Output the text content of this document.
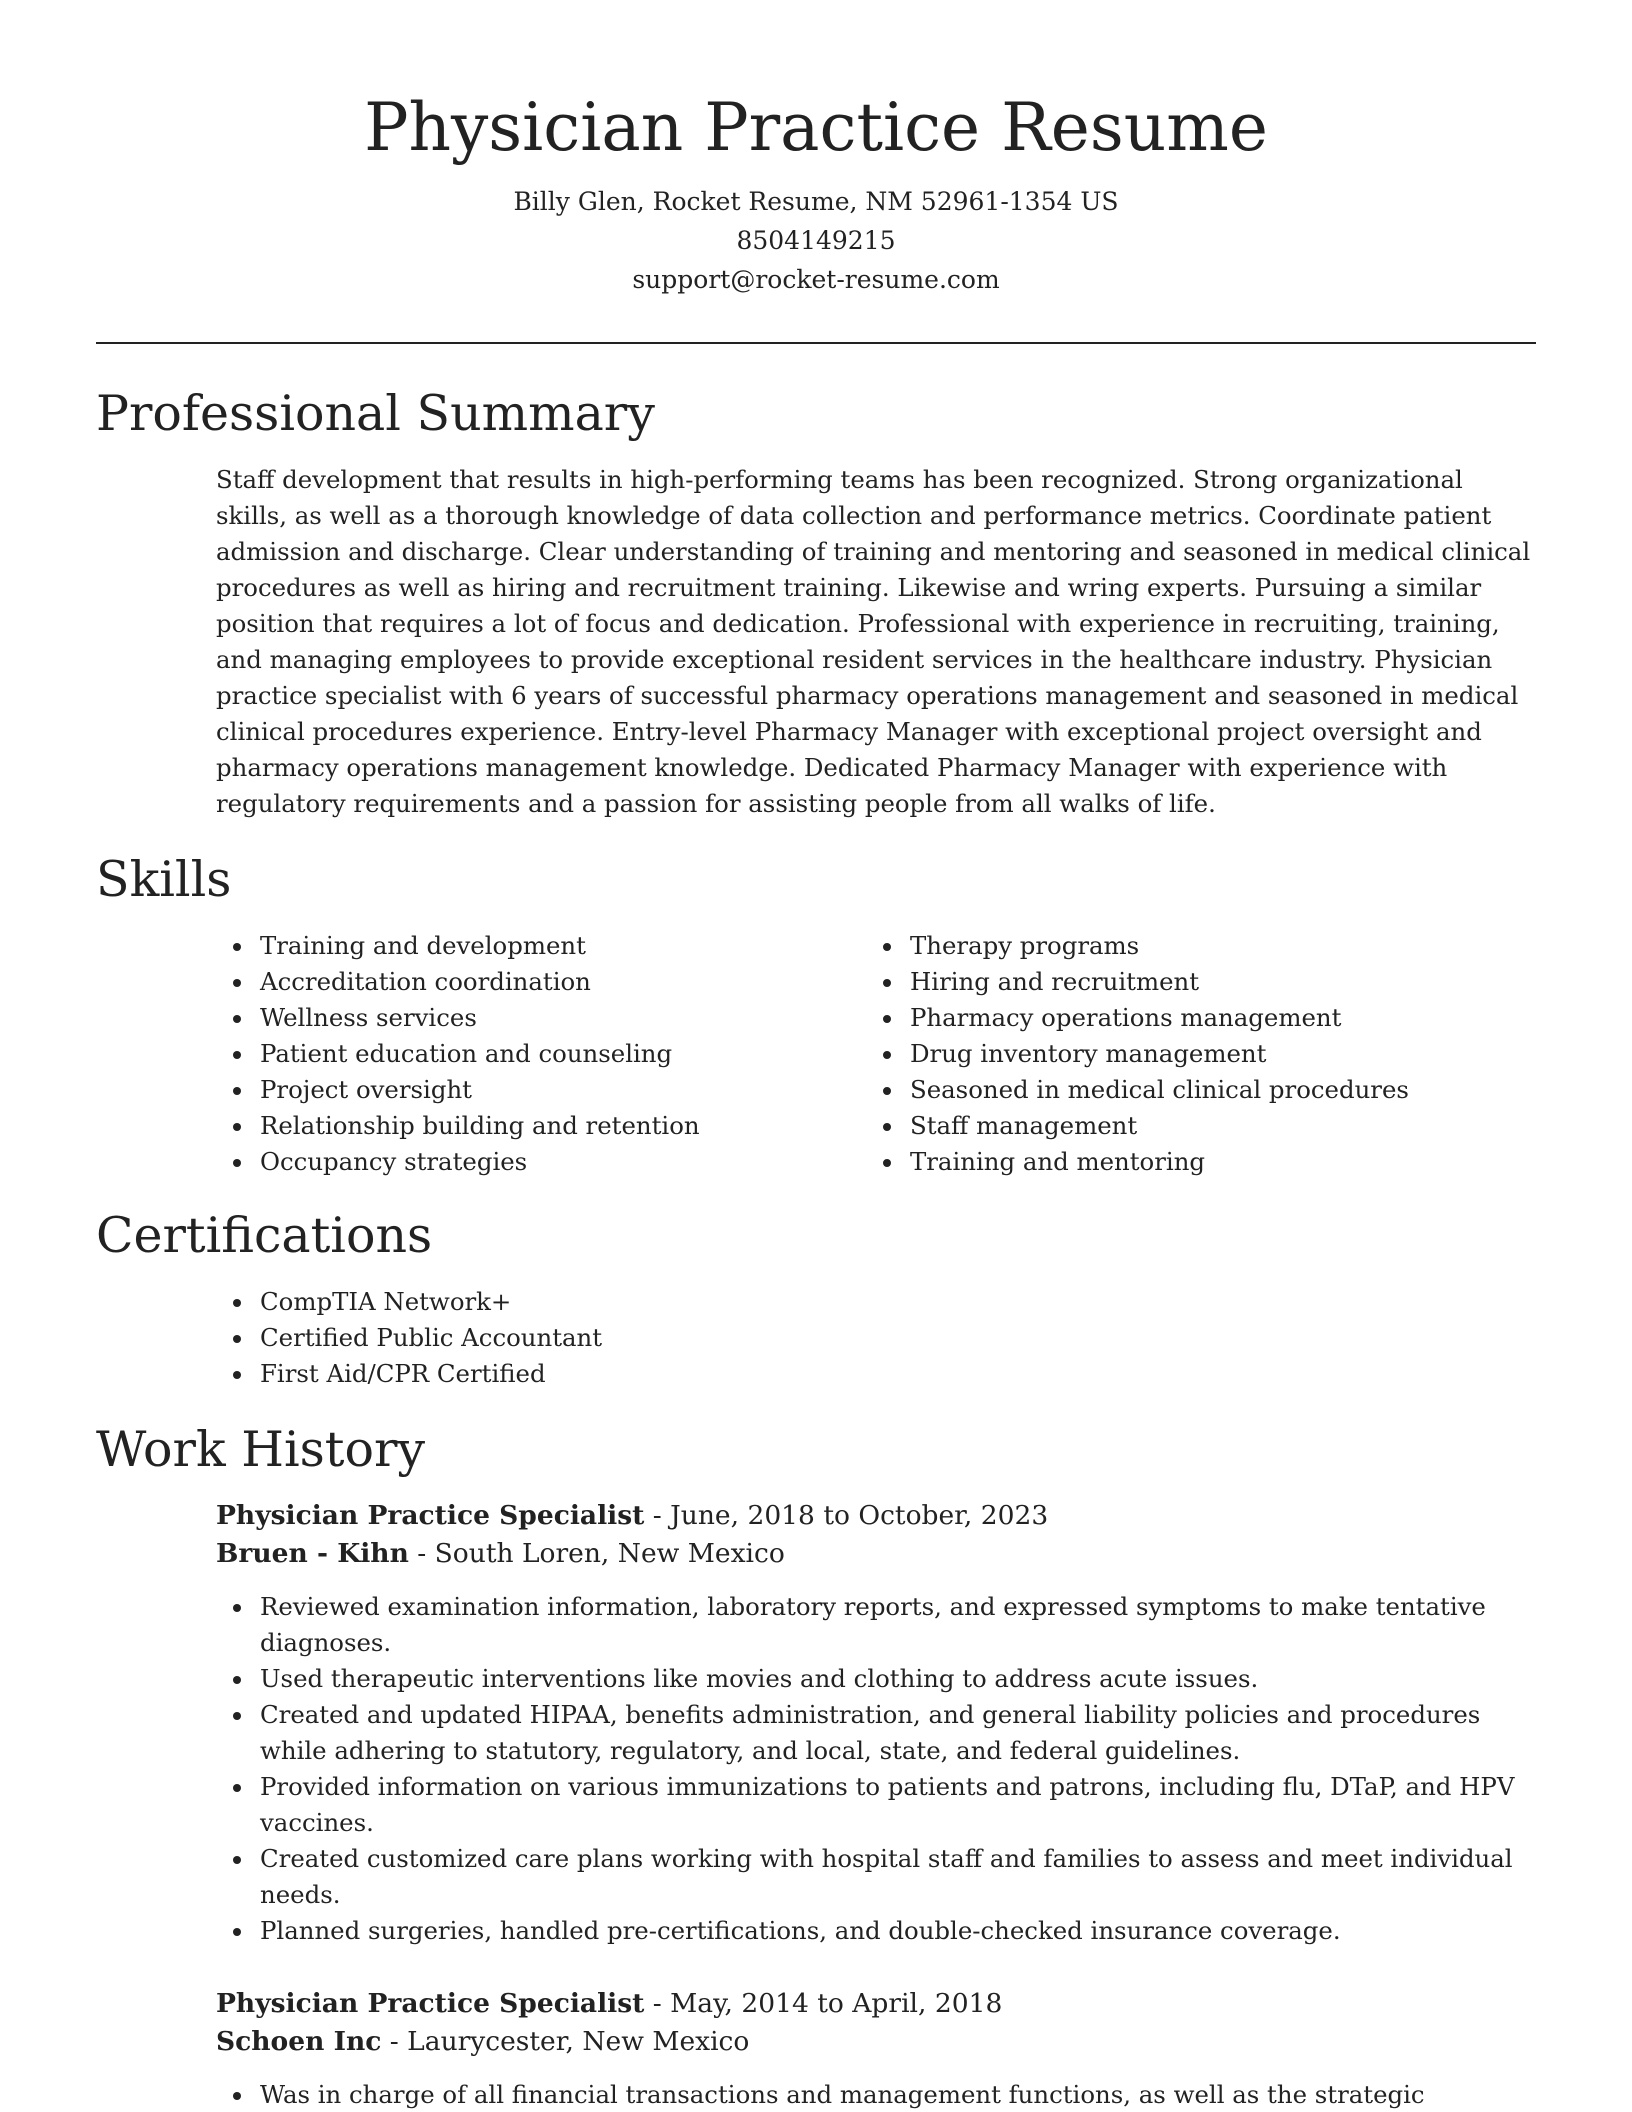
Physician Practice Resume
Billy Glen, Rocket Resume, NM 52961-1354 US
8504149215
support@rocket-resume.com
Professional Summary

Staff development that results in high-performing teams has been recognized. Strong organizational skills, as well as a thorough knowledge of data collection and performance metrics. Coordinate patient admission and discharge. Clear understanding of training and mentoring and seasoned in medical clinical procedures as well as hiring and recruitment training. Likewise and wring experts. Pursuing a similar position that requires a lot of focus and dedication. Professional with experience in recruiting, training, and managing employees to provide exceptional resident services in the healthcare industry. Physician practice specialist with 6 years of successful pharmacy operations management and seasoned in medical clinical procedures experience. Entry-level Pharmacy Manager with exceptional project oversight and pharmacy operations management knowledge. Dedicated Pharmacy Manager with experience with regulatory requirements and a passion for assisting people from all walks of life.

Skills
Training and development
Accreditation coordination
Wellness services
Patient education and counseling
Project oversight
Relationship building and retention
Occupancy strategies
Therapy programs
Hiring and recruitment
Pharmacy operations management
Drug inventory management
Seasoned in medical clinical procedures
Staff management
Training and mentoring
Certifications
CompTIA Network+
Certified Public Accountant
First Aid/CPR Certified
Work History
Physician Practice Specialist - June, 2018 to October, 2023
Bruen - Kihn - South Loren, New Mexico
Reviewed examination information, laboratory reports, and expressed symptoms to make tentative diagnoses.
Used therapeutic interventions like movies and clothing to address acute issues.
Created and updated HIPAA, benefits administration, and general liability policies and procedures while adhering to statutory, regulatory, and local, state, and federal guidelines.
Provided information on various immunizations to patients and patrons, including flu, DTaP, and HPV vaccines.
Created customized care plans working with hospital staff and families to assess and meet individual needs.
Planned surgeries, handled pre-certifications, and double-checked insurance coverage.
Physician Practice Specialist - May, 2014 to April, 2018
Schoen Inc - Laurycester, New Mexico
Was in charge of all financial transactions and management functions, as well as the strategic
